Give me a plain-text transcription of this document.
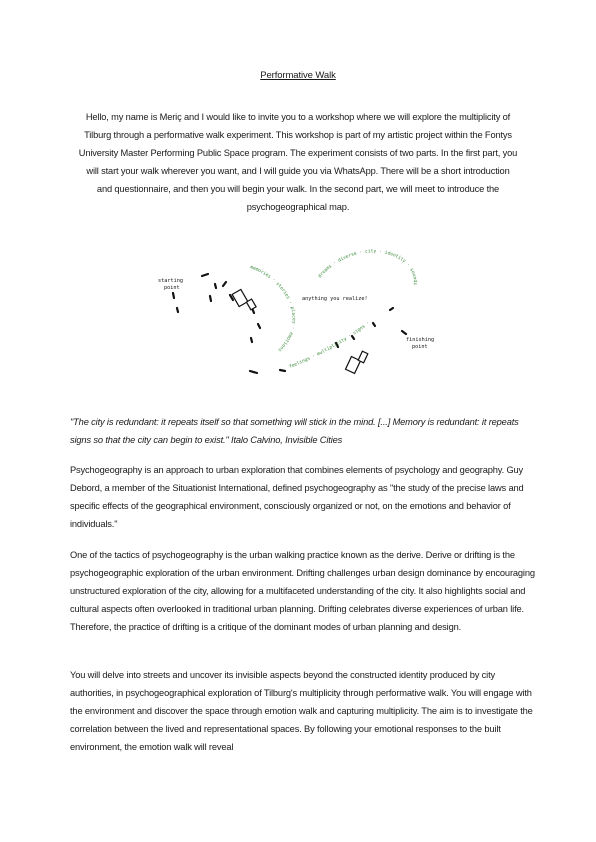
Performative Walk

Hello, my name is Meriç and I would like to invite you to a workshop where we will explore the multiplicity of Tilburg through a performative walk experiment. This workshop is part of my artistic project within the Fontys University Master Performing Public Space program. The experiment consists of two parts. In the first part, you will start your walk wherever you want, and I will guide you via WhatsApp. There will be a short introduction and questionnaire, and then you will begin your walk. In the second part, we will meet to introduce the psychogeographical map.

memories · stories · places · emotions
dreams · diverse · city · identity · sounds
feelings · multiplicity · signs ·
starting
point
anything you realize!
finishing
point

"The city is redundant: it repeats itself so that something will stick in the mind. [...] Memory is redundant: it repeats signs so that the city can begin to exist." Italo Calvino, Invisible Cities

Psychogeography is an approach to urban exploration that combines elements of psychology and geography. Guy Debord, a member of the Situationist International, defined psychogeography as "the study of the precise laws and specific effects of the geographical environment, consciously organized or not, on the emotions and behavior of individuals."

One of the tactics of psychogeography is the urban walking practice known as the derive. Derive or drifting is the psychogeographic exploration of the urban environment. Drifting challenges urban design dominance by encouraging unstructured exploration of the city, allowing for a multifaceted understanding of the city. It also highlights social and cultural aspects often overlooked in traditional urban planning. Drifting celebrates diverse experiences of urban life. Therefore, the practice of drifting is a critique of the dominant modes of urban planning and design.

You will delve into streets and uncover its invisible aspects beyond the constructed identity produced by city authorities, in psychogeographical exploration of Tilburg's multiplicity through performative walk. You will engage with the environment and discover the space through emotion walk and capturing multiplicity. The aim is to investigate the correlation between the lived and representational spaces. By following your emotional responses to the built environment, the emotion walk will reveal
